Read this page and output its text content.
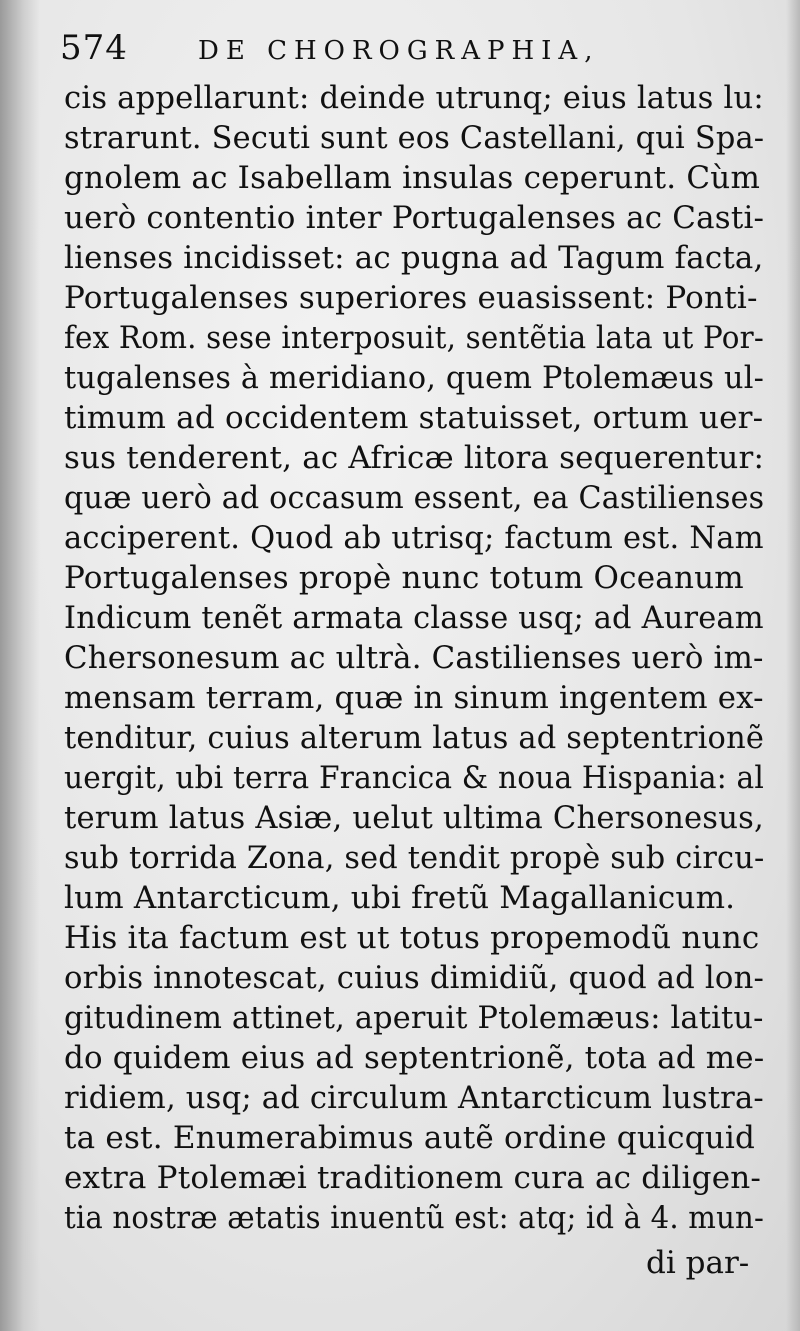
574	DE CHOROGRAPHIA,
cis appellarunt: deinde utrunq; eius latus lu:
strarunt. Secuti sunt eos Castellani, qui Spa-
gnolem ac Isabellam insulas ceperunt. Cùm
uerò contentio inter Portugalenses ac Casti-
lienses incidisset: ac pugna ad Tagum facta,
Portugalenses superiores euasissent: Ponti-
fex Rom. sese interposuit, sentẽtia lata ut Por-
tugalenses à meridiano, quem Ptolemæus ul-
timum ad occidentem statuisset, ortum uer-
sus tenderent, ac Africæ litora sequerentur:
quæ uerò ad occasum essent, ea Castilienses
acciperent. Quod ab utrisq; factum est. Nam
Portugalenses propè nunc totum Oceanum
Indicum tenẽt armata classe usq; ad Auream
Chersonesum ac ultrà. Castilienses uerò im-
mensam terram, quæ in sinum ingentem ex-
tenditur, cuius alterum latus ad septentrionẽ
uergit, ubi terra Francica & noua Hispania: al
terum latus Asiæ, uelut ultima Chersonesus,
sub torrida Zona, sed tendit propè sub circu-
lum Antarcticum, ubi fretũ Magallanicum.
His ita factum est ut totus propemodũ nunc
orbis innotescat, cuius dimidiũ, quod ad lon-
gitudinem attinet, aperuit Ptolemæus: latitu-
do quidem eius ad septentrionẽ, tota ad me-
ridiem, usq; ad circulum Antarcticum lustra-
ta est. Enumerabimus autẽ ordine quicquid
extra Ptolemæi traditionem cura ac diligen-
tia nostræ ætatis inuentũ est: atq; id à 4. mun-
di par-
